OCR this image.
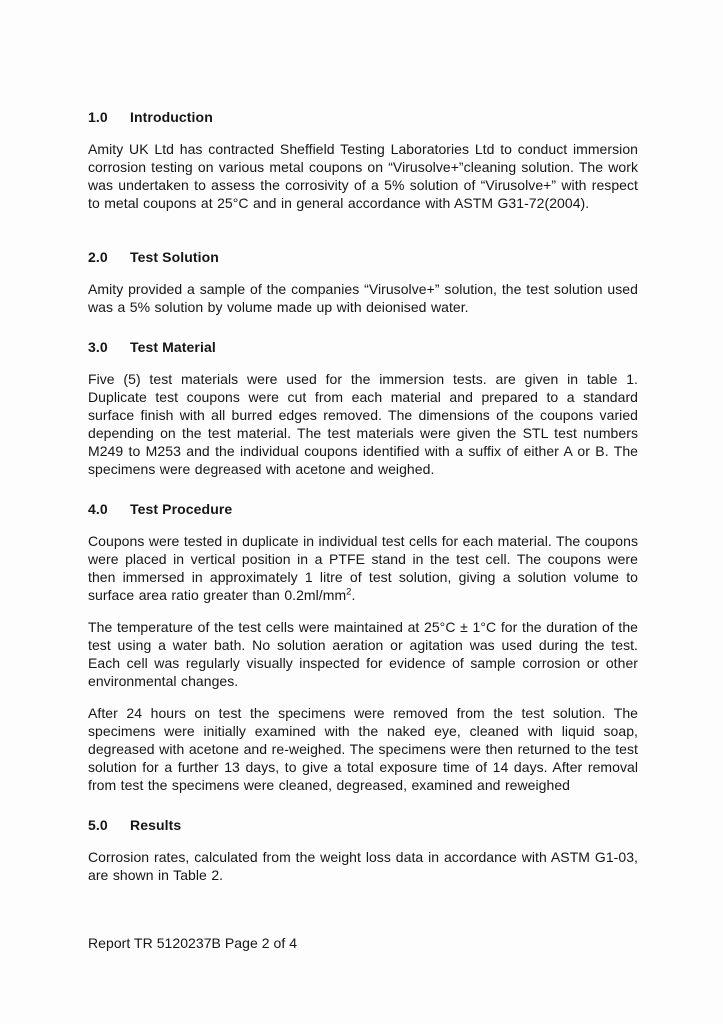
1.0 Introduction

Amity UK Ltd has contracted Sheffield Testing Laboratories Ltd to conduct immersion corrosion testing on various metal coupons on “Virusolve+”cleaning solution. The work was undertaken to assess the corrosivity of a 5% solution of “Virusolve+” with respect to metal coupons at 25°C and in general accordance with ASTM G31-72(2004).

2.0 Test Solution

Amity provided a sample of the companies “Virusolve+” solution, the test solution used was a 5% solution by volume made up with deionised water.

3.0 Test Material

Five (5) test materials were used for the immersion tests. are given in table 1. Duplicate test coupons were cut from each material and prepared to a standard surface finish with all burred edges removed. The dimensions of the coupons varied depending on the test material. The test materials were given the STL test numbers M249 to M253 and the individual coupons identified with a suffix of either A or B. The specimens were degreased with acetone and weighed.

4.0 Test Procedure

Coupons were tested in duplicate in individual test cells for each material. The coupons were placed in vertical position in a PTFE stand in the test cell. The coupons were then immersed in approximately 1 litre of test solution, giving a solution volume to surface area ratio greater than $0.2ml/mm^2$.

The temperature of the test cells were maintained at 25°C ± 1°C for the duration of the test using a water bath. No solution aeration or agitation was used during the test. Each cell was regularly visually inspected for evidence of sample corrosion or other environmental changes.

After 24 hours on test the specimens were removed from the test solution. The specimens were initially examined with the naked eye, cleaned with liquid soap, degreased with acetone and re-weighed. The specimens were then returned to the test solution for a further 13 days, to give a total exposure time of 14 days. After removal from test the specimens were cleaned, degreased, examined and reweighed

5.0 Results

Corrosion rates, calculated from the weight loss data in accordance with ASTM G1-03, are shown in Table 2.

Report TR 5120237B Page 2 of 4
